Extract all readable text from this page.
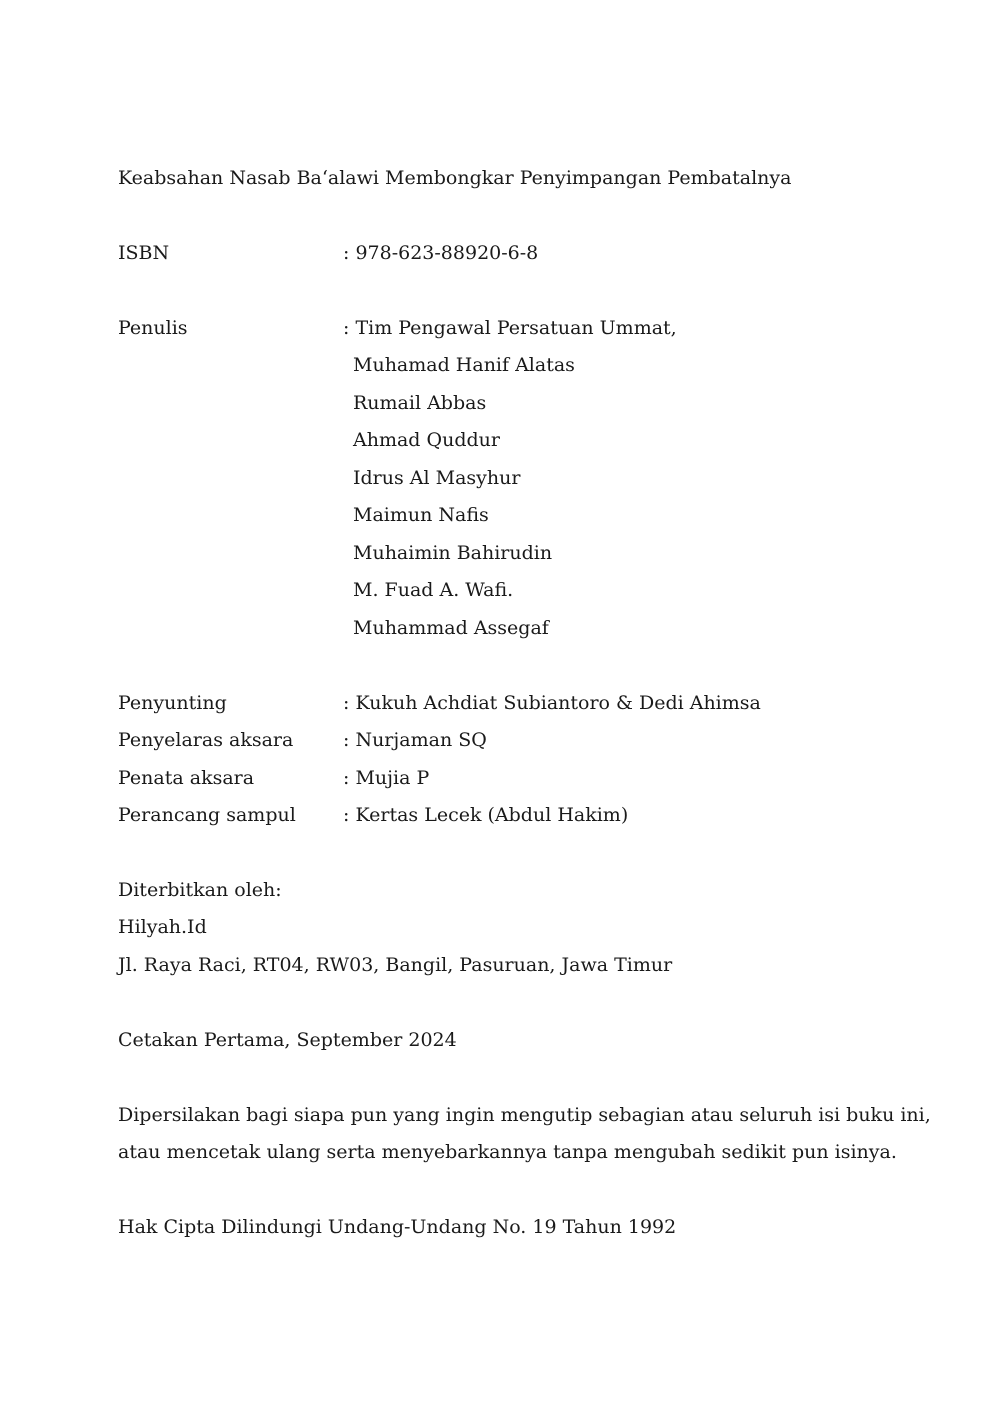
Keabsahan Nasab Ba‘alawi Membongkar Penyimpangan Pembatalnya
ISBN	: 978-623-88920-6-8
Penulis	: Tim Pengawal Persatuan Ummat,
Muhamad Hanif Alatas
Rumail Abbas
Ahmad Quddur
Idrus Al Masyhur
Maimun Nafis
Muhaimin Bahirudin
M. Fuad A. Wafi.
Muhammad Assegaf
Penyunting	: Kukuh Achdiat Subiantoro & Dedi Ahimsa
Penyelaras aksara	: Nurjaman SQ
Penata aksara	: Mujia P
Perancang sampul : Kertas Lecek (Abdul Hakim)
Diterbitkan oleh:
Hilyah.Id
Jl. Raya Raci, RT04, RW03, Bangil, Pasuruan, Jawa Timur
Cetakan Pertama, September 2024
Dipersilakan bagi siapa pun yang ingin mengutip sebagian atau seluruh isi buku ini,
atau mencetak ulang serta menyebarkannya tanpa mengubah sedikit pun isinya.
Hak Cipta Dilindungi Undang-Undang No. 19 Tahun 1992
